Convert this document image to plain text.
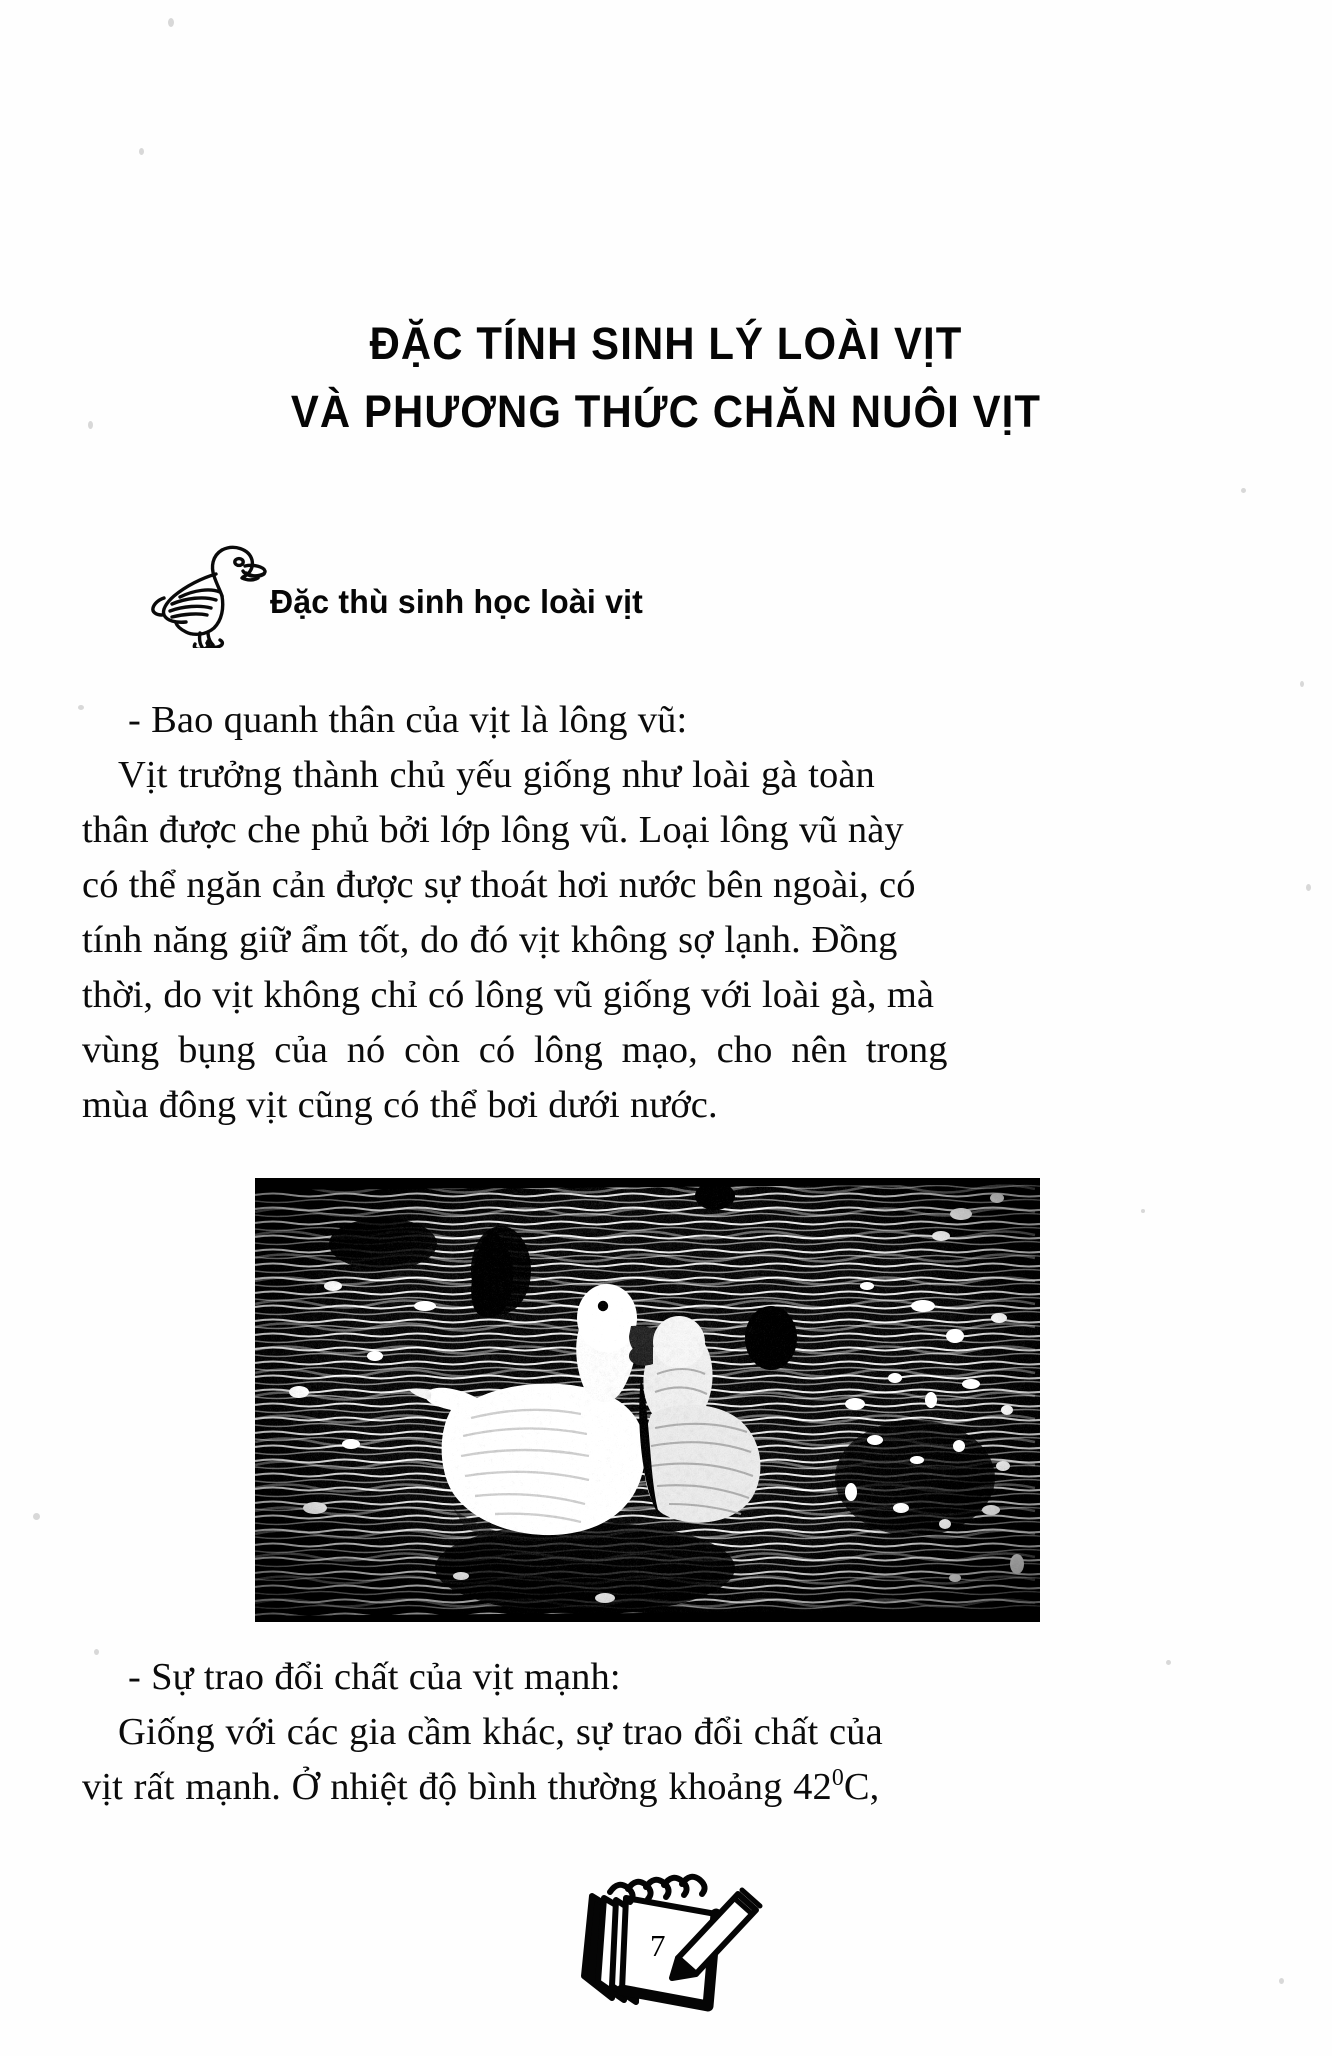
ĐẶC TÍNH SINH LÝ LOÀI VỊT
VÀ PHƯƠNG THỨC CHĂN NUÔI VỊT
Đặc thù sinh học loài vịt
- Bao quanh thân của vịt là lông vũ:
Vịt trưởng thành chủ yếu giống như loài gà toàn
thân được che phủ bởi lớp lông vũ. Loại lông vũ này
có thể ngăn cản được sự thoát hơi nước bên ngoài, có
tính năng giữ ẩm tốt, do đó vịt không sợ lạnh. Đồng
thời, do vịt không chỉ có lông vũ giống với loài gà, mà
vùng bụng của nó còn có lông mạo, cho nên trong
mùa đông vịt cũng có thể bơi dưới nước.
- Sự trao đổi chất của vịt mạnh:
Giống với các gia cầm khác, sự trao đổi chất của
vịt rất mạnh. Ở nhiệt độ bình thường khoảng $42^0C$,
7
